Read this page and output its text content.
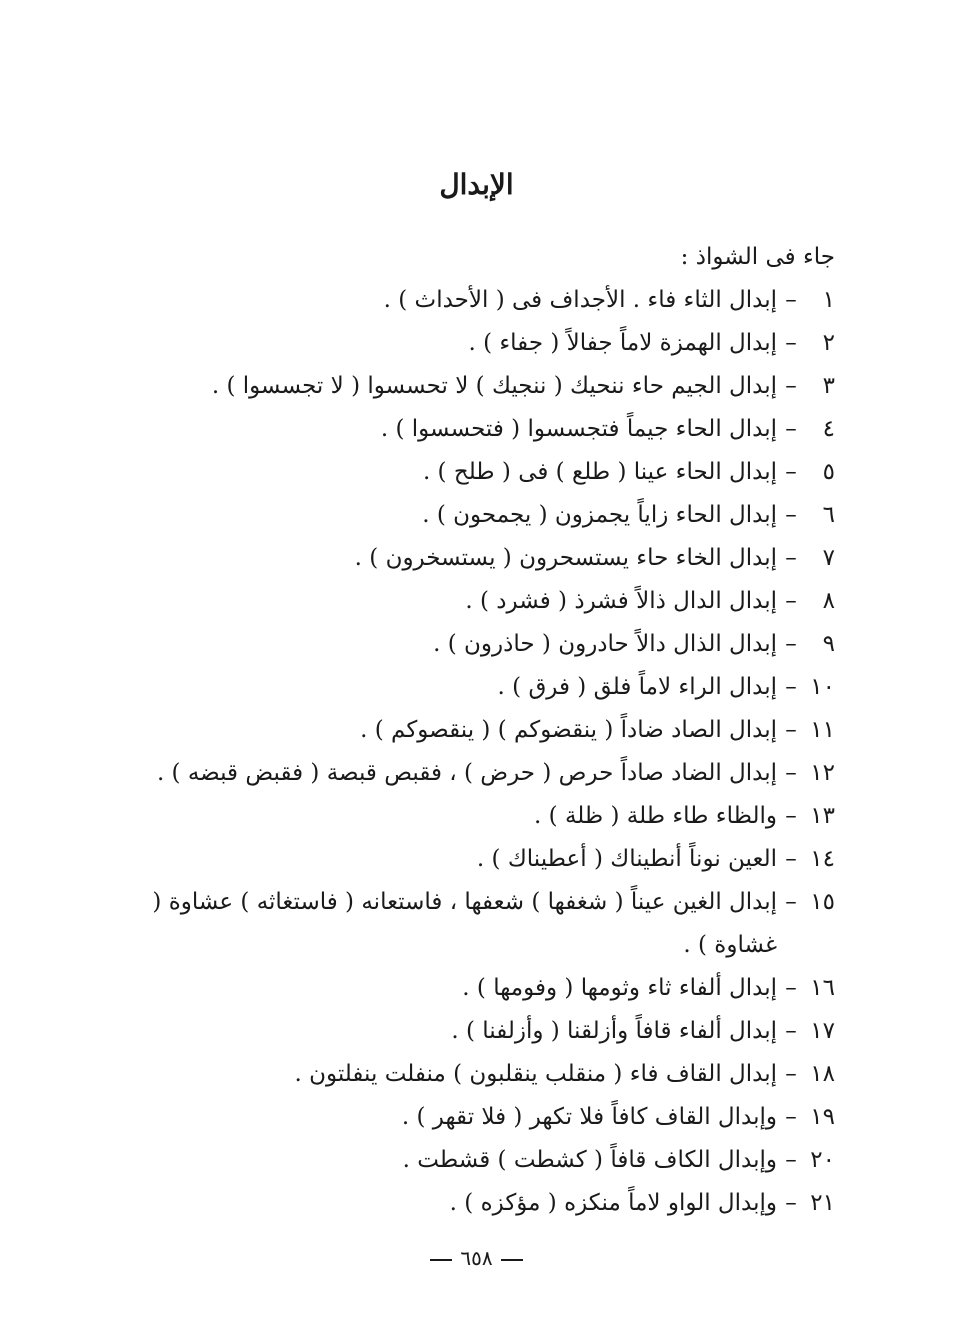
الإبدال

جاء فى الشواذ :

١
–
إبدال الثاء فاء . الأجداف فى ( الأحداث ) .
٢
–
إبدال الهمزة لاماً جفالاً ( جفاء ) .
٣
–
إبدال الجيم حاء ننحيك ( ننجيك ) لا تحسسوا ( لا تجسسوا ) .
٤
–
إبدال الحاء جيماً فتجسسوا ( فتحسسوا ) .
٥
–
إبدال الحاء عينا ( طلع ) فى ( طلح ) .
٦
–
إبدال الحاء زاياً يجمزون ( يجمحون ) .
٧
–
إبدال الخاء حاء يستسحرون ( يستسخرون ) .
٨
–
إبدال الدال ذالاً فشرذ ( فشرد ) .
٩
–
إبدال الذال دالاً حادرون ( حاذرون ) .
١٠
–
إبدال الراء لاماً فلق ( فرق ) .
١١
–
إبدال الصاد ضاداً ( ينقضوكم ) ( ينقصوكم ) .
١٢
–
إبدال الضاد صاداً حرص ( حرض ) ، فقبص قبصة ( فقبض قبضه ) .
١٣
–
والظاء طاء طلة ( ظلة ) .
١٤
–
العين نوناً أنطيناك ( أعطيناك ) .
١٥
–
إبدال الغين عيناً ( شغفها ) شعفها ، فاستعانه ( فاستغاثه ) عشاوة ( غشاوة ) .
١٦
–
إبدال ألفاء ثاء وثومها ( وفومها ) .
١٧
–
إبدال ألفاء قافاً وأزلقنا ( وأزلفنا ) .
١٨
–
إبدال القاف فاء ( منقلب ينقلبون ) منفلت ينفلتون .
١٩
–
وإبدال القاف كافاً فلا تكهر ( فلا تقهر ) .
٢٠
–
وإبدال الكاف قافاً ( كشطت ) قشطت .
٢١
–
وإبدال الواو لاماً منكزه ( مؤكزه ) .
٦٥٨
